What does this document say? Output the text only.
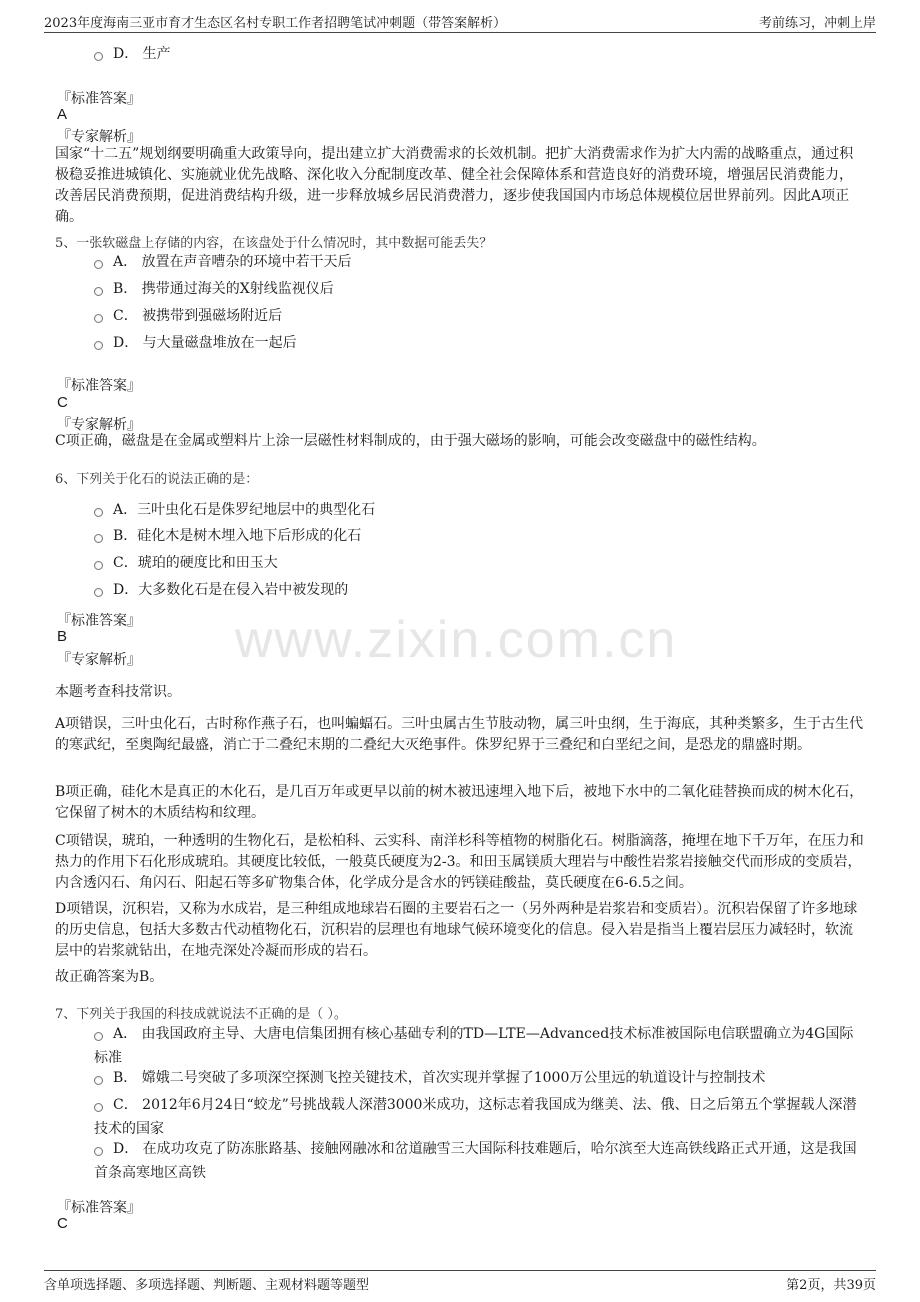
2023年度海南三亚市育才生态区名村专职工作者招聘笔试冲刺题（带答案解析）	考前练习，冲刺上岸
www.zixin.com.cn
D． 生产
『标准答案』
A
『专家解析』
国家“十二五”规划纲要明确重大政策导向，提出建立扩大消费需求的长效机制。把扩大消费需求作为扩大内需的战略重点，通过积极稳妥推进城镇化、实施就业优先战略、深化收入分配制度改革、健全社会保障体系和营造良好的消费环境，增强居民消费能力，改善居民消费预期，促进消费结构升级，进一步释放城乡居民消费潜力，逐步使我国国内市场总体规模位居世界前列。因此A项正确。
5、一张软磁盘上存储的内容，在该盘处于什么情况时，其中数据可能丢失？
A． 放置在声音嘈杂的环境中若干天后
B． 携带通过海关的X射线监视仪后
C． 被携带到强磁场附近后
D． 与大量磁盘堆放在一起后
『标准答案』
C
『专家解析』
C项正确，磁盘是在金属或塑料片上涂一层磁性材料制成的，由于强大磁场的影响，可能会改变磁盘中的磁性结构。
6、下列关于化石的说法正确的是：
A．三叶虫化石是侏罗纪地层中的典型化石
B．硅化木是树木埋入地下后形成的化石
C．琥珀的硬度比和田玉大
D．大多数化石是在侵入岩中被发现的
『标准答案』
B
『专家解析』
本题考查科技常识。
A项错误，三叶虫化石，古时称作燕子石，也叫蝙蝠石。三叶虫属古生节肢动物，属三叶虫纲，生于海底，其种类繁多，生于古生代的寒武纪，至奥陶纪最盛，消亡于二叠纪末期的二叠纪大灭绝事件。侏罗纪界于三叠纪和白垩纪之间，是恐龙的鼎盛时期。
B项正确，硅化木是真正的木化石，是几百万年或更早以前的树木被迅速埋入地下后，被地下水中的二氧化硅替换而成的树木化石，它保留了树木的木质结构和纹理。
C项错误，琥珀，一种透明的生物化石，是松柏科、云实科、南洋杉科等植物的树脂化石。树脂滴落，掩埋在地下千万年，在压力和热力的作用下石化形成琥珀。其硬度比较低，一般莫氏硬度为2-3。和田玉属镁质大理岩与中酸性岩浆岩接触交代而形成的变质岩，内含透闪石、角闪石、阳起石等多矿物集合体，化学成分是含水的钙镁硅酸盐，莫氏硬度在6-6.5之间。
D项错误，沉积岩，又称为水成岩，是三种组成地球岩石圈的主要岩石之一（另外两种是岩浆岩和变质岩）。沉积岩保留了许多地球的历史信息，包括大多数古代动植物化石，沉积岩的层理也有地球气候环境变化的信息。侵入岩是指当上覆岩层压力减轻时，软流层中的岩浆就钻出，在地壳深处冷凝而形成的岩石。
故正确答案为B。
7、下列关于我国的科技成就说法不正确的是（ ）。
A． 由我国政府主导、大唐电信集团拥有核心基础专利的TD—LTE—Advanced技术标准被国际电信联盟确立为4G国际标准
B． 嫦娥二号突破了多项深空探测飞控关键技术，首次实现并掌握了1000万公里远的轨道设计与控制技术
C． 2012年6月24日“蛟龙”号挑战载人深潜3000米成功，这标志着我国成为继美、法、俄、日之后第五个掌握载人深潜技术的国家
D． 在成功攻克了防冻胀路基、接触网融冰和岔道融雪三大国际科技难题后，哈尔滨至大连高铁线路正式开通，这是我国首条高寒地区高铁
『标准答案』
C
含单项选择题、多项选择题、判断题、主观材料题等题型	第2页，共39页
